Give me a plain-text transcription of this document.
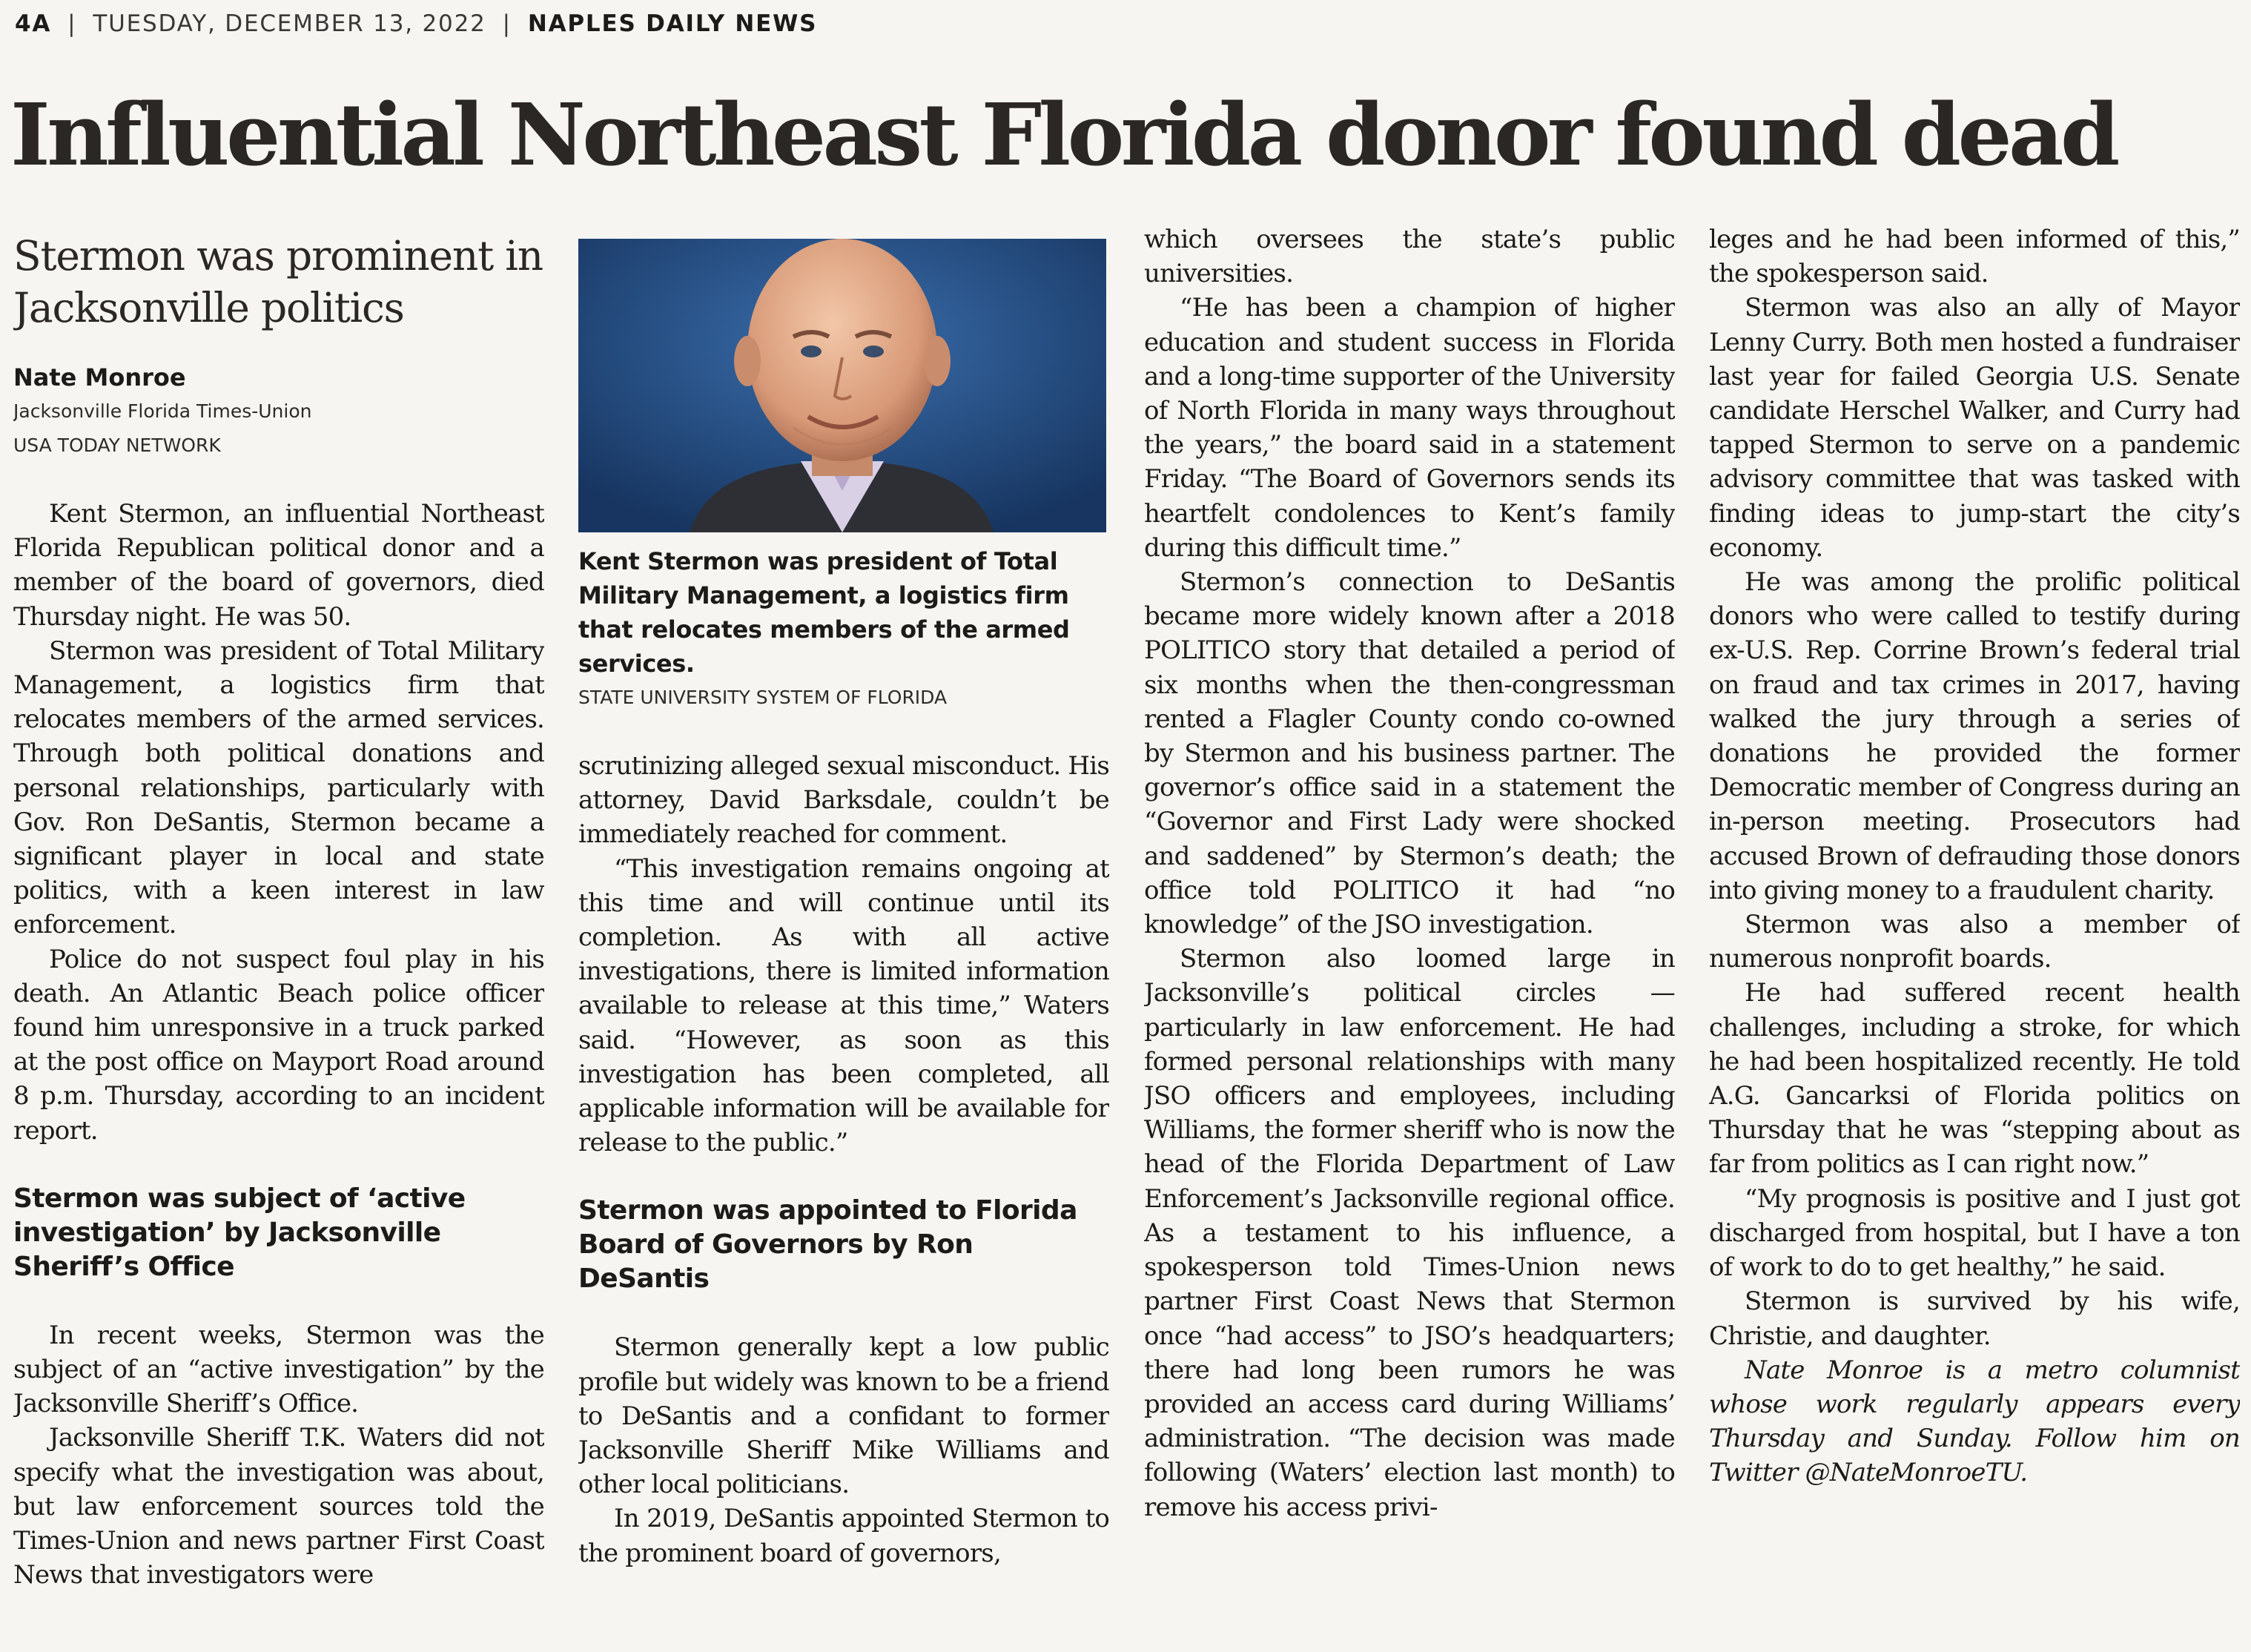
4A | TUESDAY, DECEMBER 13, 2022 | NAPLES DAILY NEWS
Influential Northeast Florida donor found dead
Stermon was prominent in Jacksonville politics
Nate Monroe
Jacksonville Florida Times-Union
USA TODAY NETWORK

Kent Stermon, an influential Northeast Florida Republican political donor and a member of the board of governors, died Thursday night. He was 50.

Stermon was president of Total Military Management, a logistics firm that relocates members of the armed services. Through both political donations and personal relationships, particularly with Gov. Ron DeSantis, Stermon became a significant player in local and state politics, with a keen interest in law enforcement.

Police do not suspect foul play in his death. An Atlantic Beach police officer found him unresponsive in a truck parked at the post office on Mayport Road around 8 p.m. Thursday, according to an incident report.

Stermon was subject of ‘active investigation’ by Jacksonville Sheriff’s Office

In recent weeks, Stermon was the subject of an “active investigation” by the Jacksonville Sheriff’s Office.

Jacksonville Sheriff T.K. Waters did not specify what the investigation was about, but law enforcement sources told the Times-Union and news partner First Coast News that investigators were

Kent Stermon was president of Total Military Management, a logistics firm that relocates members of the armed services.
STATE UNIVERSITY SYSTEM OF FLORIDA

scrutinizing alleged sexual misconduct. His attorney, David Barksdale, couldn’t be immediately reached for comment.

“This investigation remains ongoing at this time and will continue until its completion. As with all active investigations, there is limited information available to release at this time,” Waters said. “However, as soon as this investigation has been completed, all applicable information will be available for release to the public.”

Stermon was appointed to Florida Board of Governors by Ron DeSantis

Stermon generally kept a low public profile but widely was known to be a friend to DeSantis and a confidant to former Jacksonville Sheriff Mike Williams and other local politicians.

In 2019, DeSantis appointed Stermon to the prominent board of governors,

which oversees the state’s public universities.

“He has been a champion of higher education and student success in Florida and a long-time supporter of the University of North Florida in many ways throughout the years,” the board said in a statement Friday. “The Board of Governors sends its heartfelt condolences to Kent’s family during this difficult time.”

Stermon’s connection to DeSantis became more widely known after a 2018 POLITICO story that detailed a period of six months when the then-congressman rented a Flagler County condo co-owned by Stermon and his business partner. The governor’s office said in a statement the “Governor and First Lady were shocked and saddened” by Stermon’s death; the office told POLITICO it had “no knowledge” of the JSO investigation.

Stermon also loomed large in Jacksonville’s political circles — particularly in law enforcement. He had formed personal relationships with many JSO officers and employees, including Williams, the former sheriff who is now the head of the Florida Department of Law Enforcement’s Jacksonville regional office. As a testament to his influence, a spokesperson told Times-Union news partner First Coast News that Stermon once “had access” to JSO’s headquarters; there had long been rumors he was provided an access card during Williams’ administration. “The decision was made following (Waters’ election last month) to remove his access privi-

leges and he had been informed of this,” the spokesperson said.

Stermon was also an ally of Mayor Lenny Curry. Both men hosted a fundraiser last year for failed Georgia U.S. Senate candidate Herschel Walker, and Curry had tapped Stermon to serve on a pandemic advisory committee that was tasked with finding ideas to jump-start the city’s economy.

He was among the prolific political donors who were called to testify during ex-U.S. Rep. Corrine Brown’s federal trial on fraud and tax crimes in 2017, having walked the jury through a series of donations he provided the former Democratic member of Congress during an in-person meeting. Prosecutors had accused Brown of defrauding those donors into giving money to a fraudulent charity.

Stermon was also a member of numerous nonprofit boards.

He had suffered recent health challenges, including a stroke, for which he had been hospitalized recently. He told A.G. Gancarksi of Florida politics on Thursday that he was “stepping about as far from politics as I can right now.”

“My prognosis is positive and I just got discharged from hospital, but I have a ton of work to do to get healthy,” he said.

Stermon is survived by his wife, Christie, and daughter.

Nate Monroe is a metro columnist whose work regularly appears every Thursday and Sunday. Follow him on Twitter @NateMonroeTU.
